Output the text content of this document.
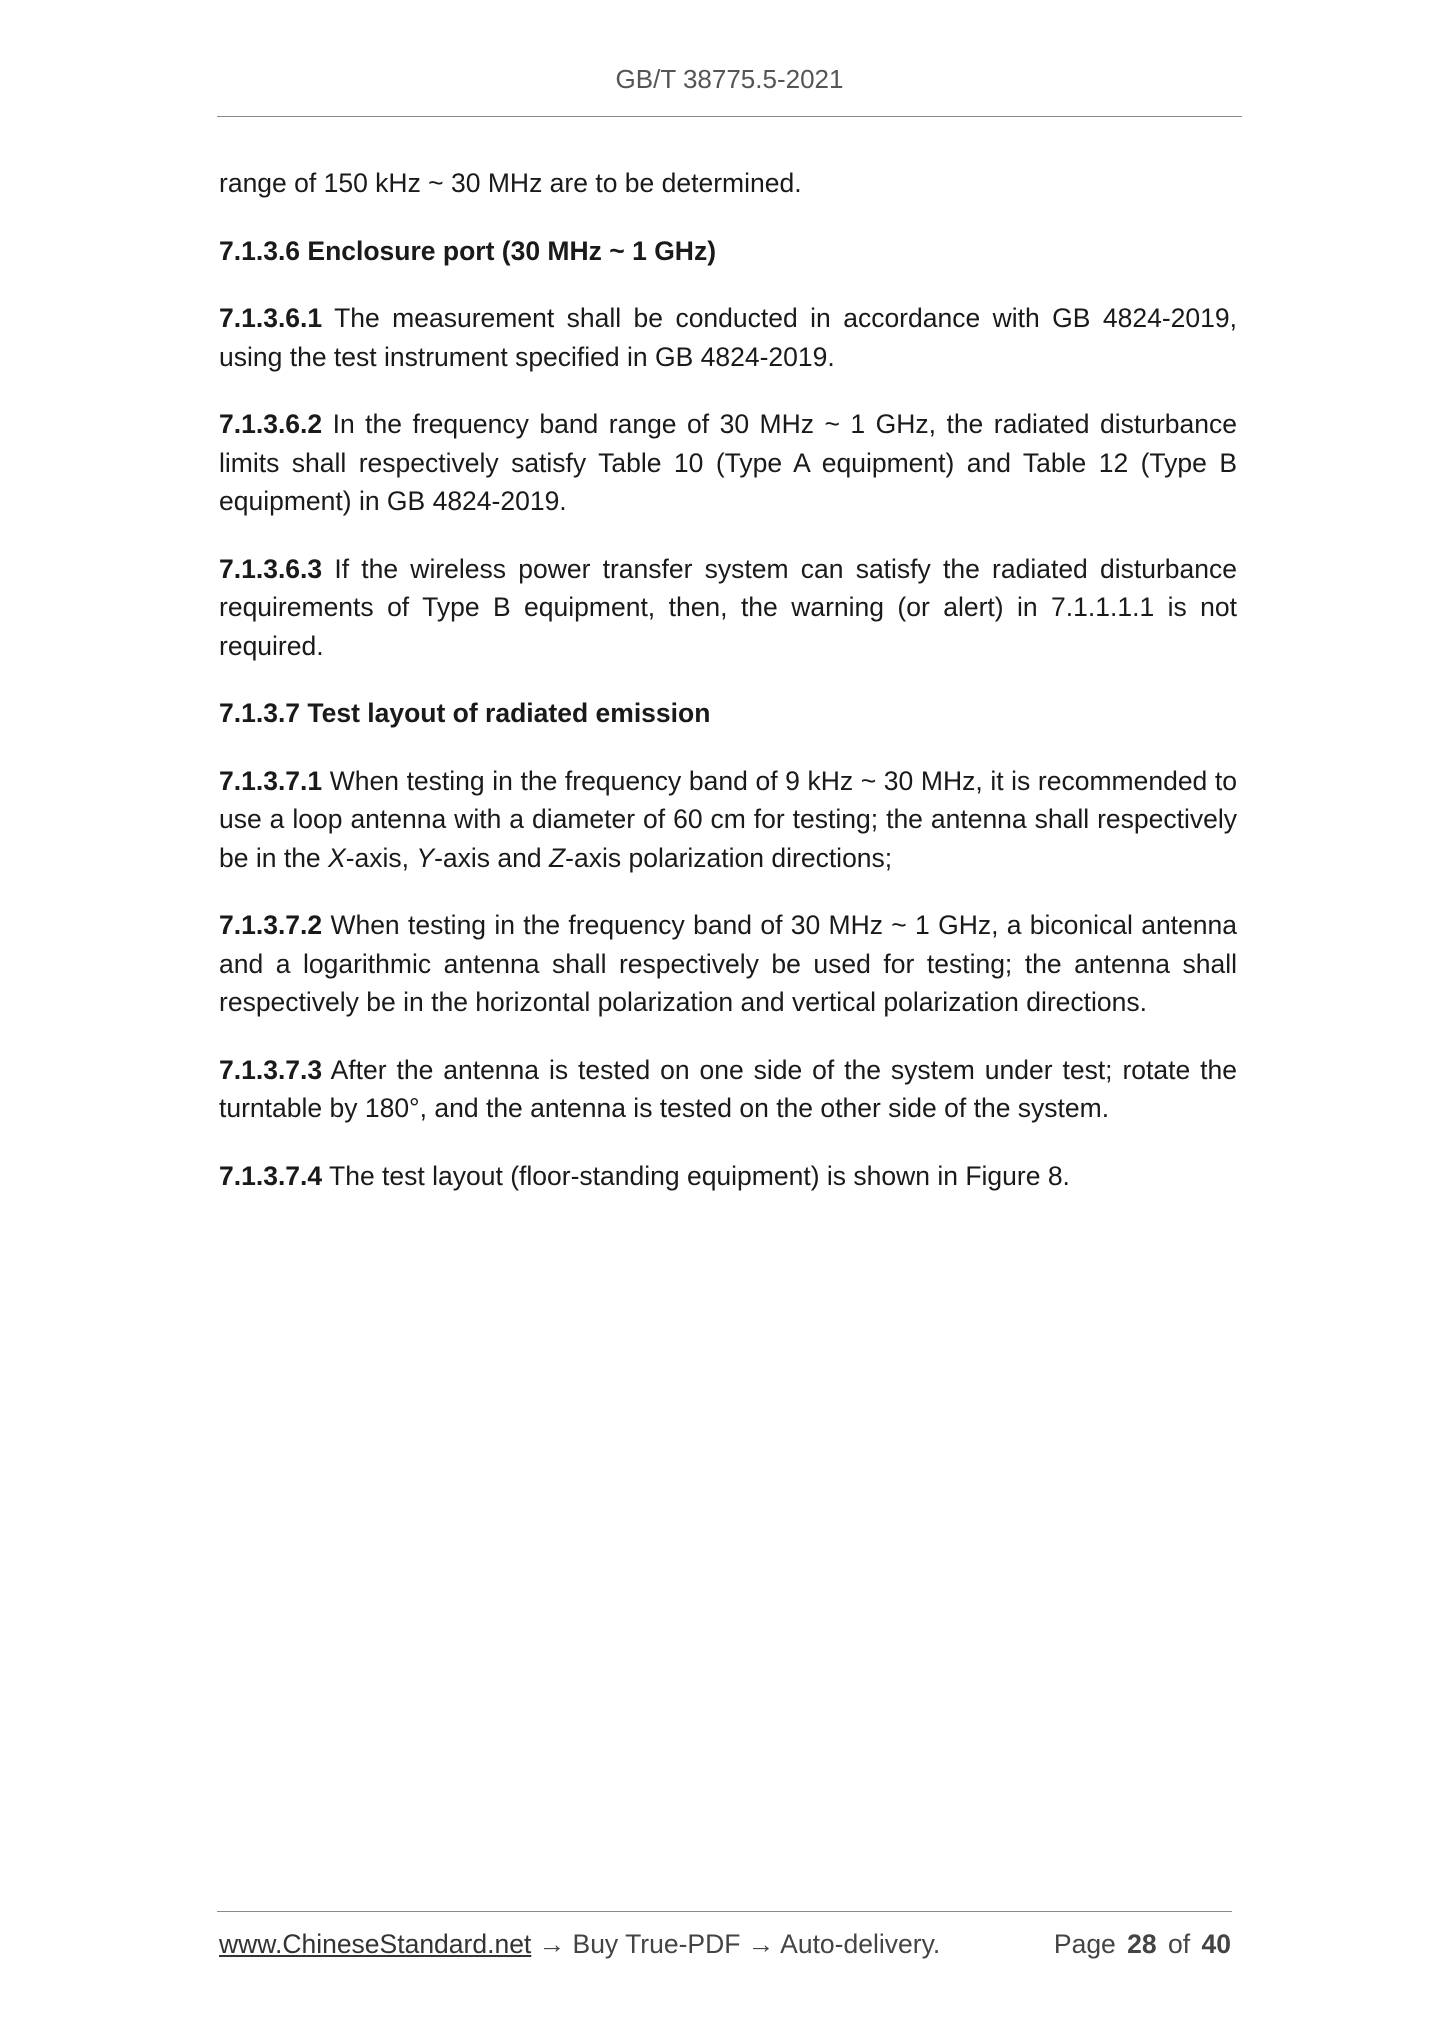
GB/T 38775.5-2021

range of 150 kHz ~ 30 MHz are to be determined.

7.1.3.6 Enclosure port (30 MHz ~ 1 GHz)

7.1.3.6.1 The measurement shall be conducted in accordance with GB 4824-2019, using the test instrument specified in GB 4824-2019.

7.1.3.6.2 In the frequency band range of 30 MHz ~ 1 GHz, the radiated disturbance limits shall respectively satisfy Table 10 (Type A equipment) and Table 12 (Type B equipment) in GB 4824-2019.

7.1.3.6.3 If the wireless power transfer system can satisfy the radiated disturbance requirements of Type B equipment, then, the warning (or alert) in 7.1.1.1.1 is not required.

7.1.3.7 Test layout of radiated emission

7.1.3.7.1 When testing in the frequency band of 9 kHz ~ 30 MHz, it is recommended to use a loop antenna with a diameter of 60 cm for testing; the antenna shall respectively be in the X-axis, Y-axis and Z-axis polarization directions;

7.1.3.7.2 When testing in the frequency band of 30 MHz ~ 1 GHz, a biconical antenna and a logarithmic antenna shall respectively be used for testing; the antenna shall respectively be in the horizontal polarization and vertical polarization directions.

7.1.3.7.3 After the antenna is tested on one side of the system under test; rotate the turntable by 180°, and the antenna is tested on the other side of the system.

7.1.3.7.4 The test layout (floor-standing equipment) is shown in Figure 8.

www.ChineseStandard.net → Buy True-PDF → Auto-delivery.	Page 28 of 40
